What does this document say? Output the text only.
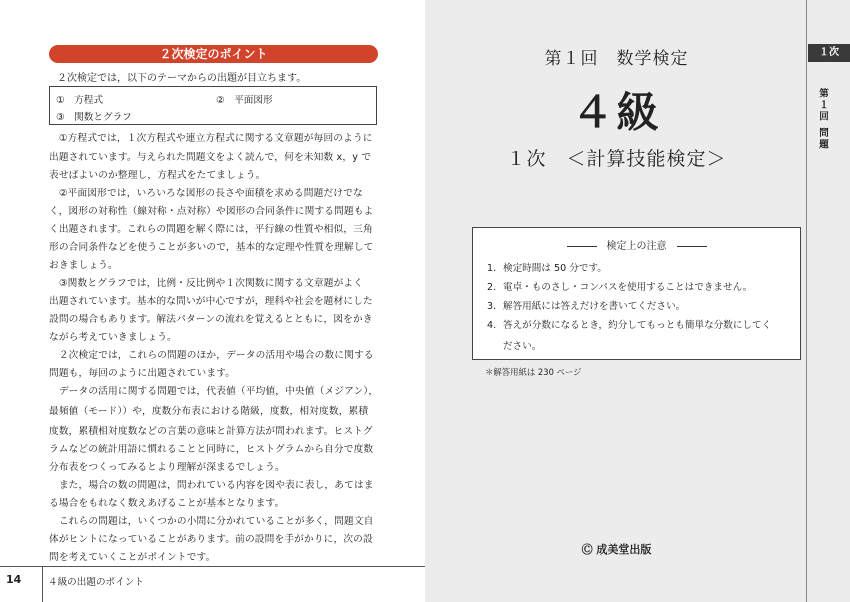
２次検定のポイント
２次検定では，以下のテーマからの出題が目立ちます。
①　方程式	②　平面図形
③　関数とグラフ
　①方程式では，１次方程式や連立方程式に関する文章題が毎回のように
出題されています。与えられた問題文をよく読んで，何を未知数 x，y で
表せばよいのか整理し，方程式をたてましょう。
　②平面図形では，いろいろな図形の長さや面積を求める問題だけでな
く，図形の対称性（線対称・点対称）や図形の合同条件に関する問題もよ
く出題されます。これらの問題を解く際には，平行線の性質や相似，三角
形の合同条件などを使うことが多いので，基本的な定理や性質を理解して
おきましょう。
　③関数とグラフでは，比例・反比例や１次関数に関する文章題がよく
出題されています。基本的な問いが中心ですが，理科や社会を題材にした
設問の場合もあります。解法パターンの流れを覚えるとともに，図をかき
ながら考えていきましょう。
　２次検定では，これらの問題のほか，データの活用や場合の数に関する
問題も，毎回のように出題されています。
　データの活用に関する問題では，代表値（平均値，中央値（メジアン），
最頻値（モード））や，度数分布表における階級，度数，相対度数，累積
度数，累積相対度数などの言葉の意味と計算方法が問われます。ヒストグ
ラムなどの統計用語に慣れることと同時に，ヒストグラムから自分で度数
分布表をつくってみるとより理解が深まるでしょう。
　また，場合の数の問題は，問われている内容を図や表に表し，あてはま
る場合をもれなく数えあげることが基本となります。
　これらの問題は，いくつかの小問に分かれていることが多く，問題文自
体がヒントになっていることがあります。前の設問を手がかりに，次の設
問を考えていくことがポイントです。
14	４級の出題のポイント
第１回　数学検定
４級
１次　＜計算技能検定＞
検定上の注意
1. 検定時間は 50 分です。
2. 電卓・ものさし・コンパスを使用することはできません。
3. 解答用紙には答えだけを書いてください。
4. 答えが分数になるとき，約分してもっとも簡単な分数にしてく
ださい。
＊解答用紙は 230 ページ
Ⓒ 成美堂出版
１次
第１回 問題
